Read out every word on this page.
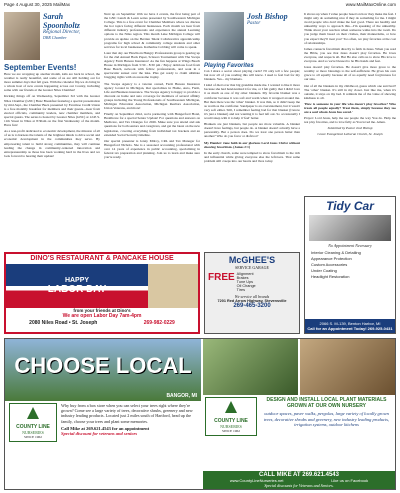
Page 4 August 30, 2025 MailMax	www.MailMaxOnline.com
Sarah Spoonholtz
Regional Director,
DBR Chamber
September Events!

Here we are wrapping up another month, kids are back in school, the weather is really beautiful, and some of us are still holding out for more summer days that fall goes. With the calendar flip we do bring in a whole host of new events happening across our County, including some with our friends at the Greater Niles Chamber!

Kicking things off on Wednesday, September 3rd with the Greater Niles Chamber (GNC) Buzz Breakfast featuring a special presentation by mid-Sept., the Chamber Buzz presented by Evermoe Credit Union is a free monthly breakfast for members and their guests—hear from elected officials, community leaders, new chamber members, and special guests. The series is hosted by Greater Niles (GNC) at 1245 S. 11th Street in Niles at 8:30am on the first Wednesday of the month. Have fun!

As a non-profit dedicated to economic development, the mission of all of us is to harness the talents of the brightest minds to drive social and economic development in the communities they serve. By empowering talent to build strong communities, they will continue leading the change in community-centered innovation and entrepreneurship as those has been working hard in the lives and we look forward to hearing their update!

Next up on September 10th we have 2 events, the first being part of the GNC Lunch & Learn series presented by Southwestern Michigan College. This is a free event for Chamber Members where we discuss the hot topics facing different businesses. Each month we hear from different industry professionals and experience the annual Learning options to the Niles region. This month Lake Michigan College will provide an update on the Berrien Talent Collaborative apprenticeship programs for high school & community college students and other services for local businesses. Katherine Cobbing will come to speak.

Later that day our Hawthorn Hungry Professionals group is gearing up for the 2nd Annual Back Paper, Scissors Tournament with The Swaps Agency Farm Bureau Insurance! As the fun happens at Wings Beach House in Michigan from 5:30 - 8:30 pm / Enjoy delicious food from Base Beach, network with fellow professionals, and soak in a spectacular sunset over the lake. Plus get ready to claim ultimate bragging rights with an awesome trophy.

The Swaps Agency is a veteran owned, Farm Bureau Insurance agency located in Michigan, that specializes in Home, Auto, Farm, Life and Business insurance. The Swaps Agency is happy to provide a discount on home and auto coverage for members of several affinity groups including the Young Professionals of Southwestern Michigan, Michigan Education Association, Michigan Realtors Association, Union Veterans, and more!

Finally on September 22nd, we're partnering with Hungerford Hotel, Healthcare for a special Senior Update! For questions and answers on Medicare, and Tax Changes for 2026. Make sure you attend and ask questions for both seniors and caregivers, and get the latest on the new legislation, covering everything from individual tax brackets and an extended Social Security timeline.

Our special presenter is Jenny Milroy, CPA and Tax Manager for Hungerford Nichols. She is a seasoned accounting professional with over 14 years of experience in public accounting, specializing in federal tax preparation and planning. Join us to learn and make sure you're ready.

Josh Bishop
Pastor
Playing Favorites

Can I share a secret about playing cards? I'll only tell a few people; but now all of you reading this will know. I used to feel bad for my blankets. Yes... my blankets.

I kind of died over that big grandma made me. I wanted to like it more because she had hand-knitted it for me, or I felt guilty that I didn't love it as much as one of my other blankets. My favorite blanket was a comforter because it was soft and warm when it wrapped around me. But then there was the 'other' blanket. It was thin, so it didn't keep me as warm as the comforter. Sandpaper is an overstatement, but it wasn't very soft either. Still, I remember feeling bad for that blanket (I know it's just a blanket) and not wanting it to feel left out. So occasionally I would sleep with it to help it 'feel' better.

Blankets are just blankets, but people are more valuable. A blanket doesn't have feelings, but people do. A blanket doesn't actually have a personality. But a person does. Do we treat one person better than another? Who do you favor or disfavor?

My Hamlet: Jane faith in our glorious Lord Jesus Christ without showing favoritism. (James 2:1)

In the early church, some were tempted to show favoritism to the rich and influential while giving everyone else the leftovers. That same problem still creeps into our hearts and lives today.

It shows up when I value people based on how they make me feel. I might only do something nice if they do something for me. I might avoid people who don't make me feel good. There are healthy and unhealthy ways to approach this—I'm speaking of the unhealthy. Think about your reaction when someone walks into the room. Do you judge them based on their clothes, their mannerisms, or how you expect they'll treat you? Too often, we play favorites at the cost of relationships.

James connects favoritism directly to faith in Jesus. When you read the Bible, you see that Jesus doesn't play favorites. He loves everyone, and respects all. But He also calls us to show His love to everyone. And so we're blessed to be His hands and feet.

Jesus doesn't play favorites. He doesn't give more grace to the wealthy or more blessings to the self-sufficient. He gives his own grace to all equally because all of us equally need forgiveness for our sins.

Out of all the blankets in my childhood, guess which one survived? The 'other' blanket. It's still in my closet. Just like me, when it's outside, it stays on my bed. It reminds me of the value of showing kindness to all.

'How is someone in your life who doesn't play favorites? Who treats all people equally? Treat them, simply because they too are a soul whom Jesus has saved.'

Prayer: Lord Jesus, help me see people the way You do. Help me not play favorites, and to love fully as You loved me. Amen.

Submitted by Pastor Josh Bishop

Grace Evangelical Lutheran Church, St. Joseph

DINO'S RESTAURANT & PANCAKE HOUSE
HAPPY
LABOR DAY
from your friends at Dino's
We are open Labor Day 7am-4pm
2080 Niles Road • St. Joseph	269-982-0229
McGHEE'S
SERVICE GARAGE
FREE Alignment
Brakes
Tune Ups
Oil Change
Tires
We service all brands
7201 Red Arrow Highway, Stevensville
269-465-3200
Tidy Car
No Appointment Necessary
Interior Cleaning & Detailing
Appearance Protection
Custom Accessories
Under Coating
Headlight Restoration
2066 S. M-139, Benton Harbor, MI
Call for an Appointment Today! 269-925-0431
CHOOSE LOCAL
BANGOR, MI
COUNTY LINE
NURSERIES
SINCE 1962
Why buy from a box store when you can select your trees right where they're grown? Come see a large variety of trees, decorative shrubs, greenery and new industry leading products. Located just 2 miles south of Hartford, head up the family, choose your trees and plant some memories.
Call Mike at 269.621.4543 for an appointment
Special discount for veterans and seniors
COUNTY LINE
NURSERIES
SINCE 1962
DESIGN AND INSTALL LOCAL PLANT MATERIALS GROWN AT OUR OWN NURSERY
outdoor spaces, paver walks, pergolas, large variety of locally grown trees, decorative shrubs and greenery, new industry leading products, irrigation systems, outdoor kitchens
CALL MIKE AT 269.621.4543
www.CountyLineNurseries.net	Like us on Facebook
Special discounts for Veterans and Seniors.
